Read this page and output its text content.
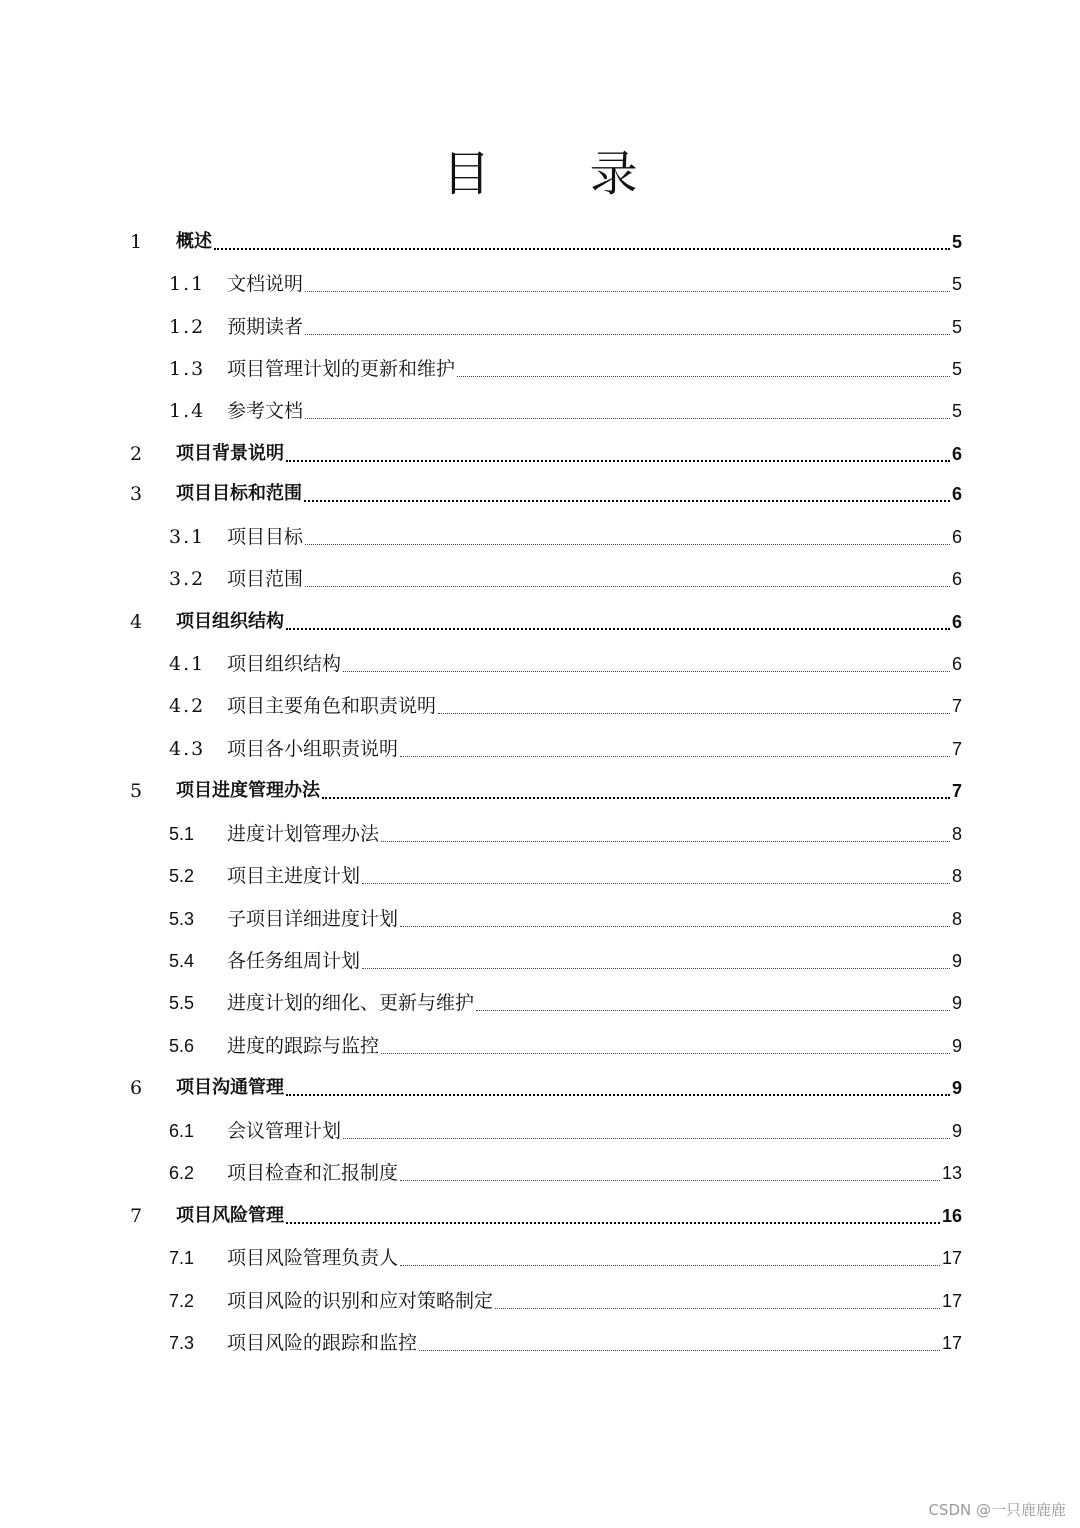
目 录
1 概述	5
1.1 文档说明	5
1.2 预期读者	5
1.3 项目管理计划的更新和维护	5
1.4 参考文档	5
2 项目背景说明	6
3 项目目标和范围	6
3.1 项目目标	6
3.2 项目范围	6
4 项目组织结构	6
4.1 项目组织结构	6
4.2 项目主要角色和职责说明	7
4.3 项目各小组职责说明	7
5 项目进度管理办法	7
5.1 进度计划管理办法	8
5.2 项目主进度计划	8
5.3 子项目详细进度计划	8
5.4 各任务组周计划	9
5.5 进度计划的细化、更新与维护	9
5.6 进度的跟踪与监控	9
6 项目沟通管理	9
6.1 会议管理计划	9
6.2 项目检查和汇报制度	13
7 项目风险管理	16
7.1 项目风险管理负责人	17
7.2 项目风险的识别和应对策略制定	17
7.3 项目风险的跟踪和监控	17
CSDN @一只鹿鹿鹿
